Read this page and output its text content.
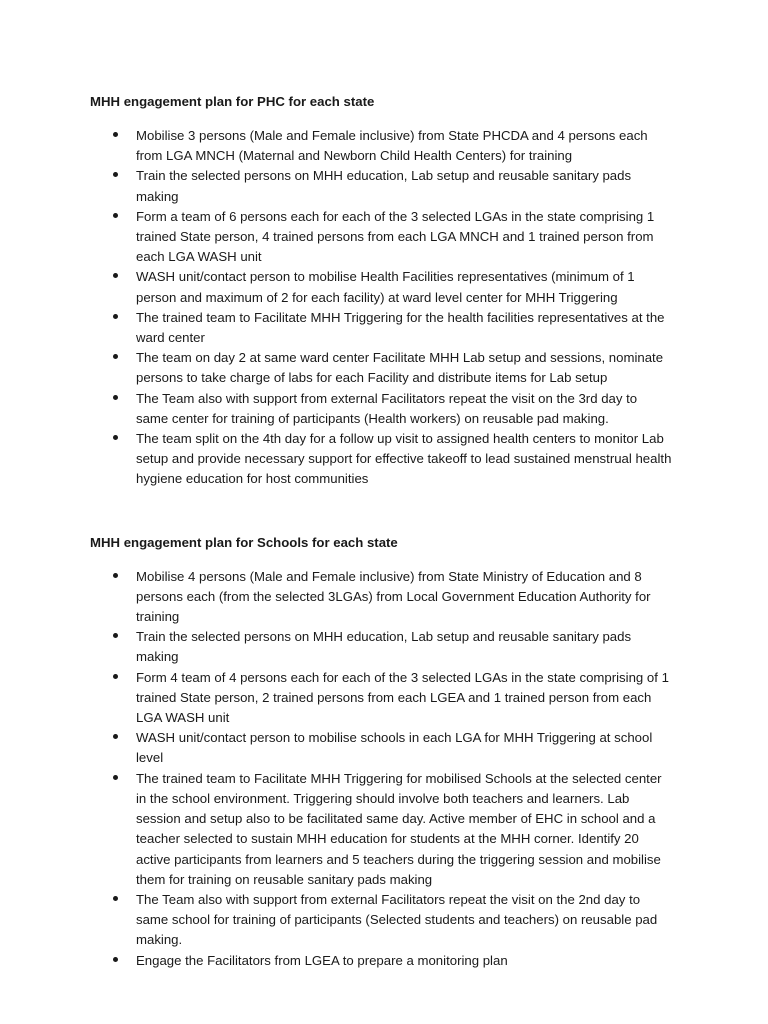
MHH engagement plan for PHC for each state

Mobilise 3 persons (Male and Female inclusive) from State PHCDA and 4 persons each from LGA MNCH (Maternal and Newborn Child Health Centers) for training
Train the selected persons on MHH education, Lab setup and reusable sanitary pads making
Form a team of 6 persons each for each of the 3 selected LGAs in the state comprising 1 trained State person, 4 trained persons from each LGA MNCH and 1 trained person from each LGA WASH unit
WASH unit/contact person to mobilise Health Facilities representatives (minimum of 1 person and maximum of 2 for each facility) at ward level center for MHH Triggering
The trained team to Facilitate MHH Triggering for the health facilities representatives at the ward center
The team on day 2 at same ward center Facilitate MHH Lab setup and sessions, nominate persons to take charge of labs for each Facility and distribute items for Lab setup
The Team also with support from external Facilitators repeat the visit on the 3rd day to same center for training of participants (Health workers) on reusable pad making.
The team split on the 4th day for a follow up visit to assigned health centers to monitor Lab setup and provide necessary support for effective takeoff to lead sustained menstrual health hygiene education for host communities

MHH engagement plan for Schools for each state

Mobilise 4 persons (Male and Female inclusive) from State Ministry of Education and 8 persons each (from the selected 3LGAs) from Local Government Education Authority for training
Train the selected persons on MHH education, Lab setup and reusable sanitary pads making
Form 4 team of 4 persons each for each of the 3 selected LGAs in the state comprising of 1 trained State person, 2 trained persons from each LGEA and 1 trained person from each LGA WASH unit
WASH unit/contact person to mobilise schools in each LGA for MHH Triggering at school level
The trained team to Facilitate MHH Triggering for mobilised Schools at the selected center in the school environment. Triggering should involve both teachers and learners. Lab session and setup also to be facilitated same day. Active member of EHC in school and a teacher selected to sustain MHH education for students at the MHH corner. Identify 20 active participants from learners and 5 teachers during the triggering session and mobilise them for training on reusable sanitary pads making
The Team also with support from external Facilitators repeat the visit on the 2nd day to same school for training of participants (Selected students and teachers) on reusable pad making.
Engage the Facilitators from LGEA to prepare a monitoring plan
